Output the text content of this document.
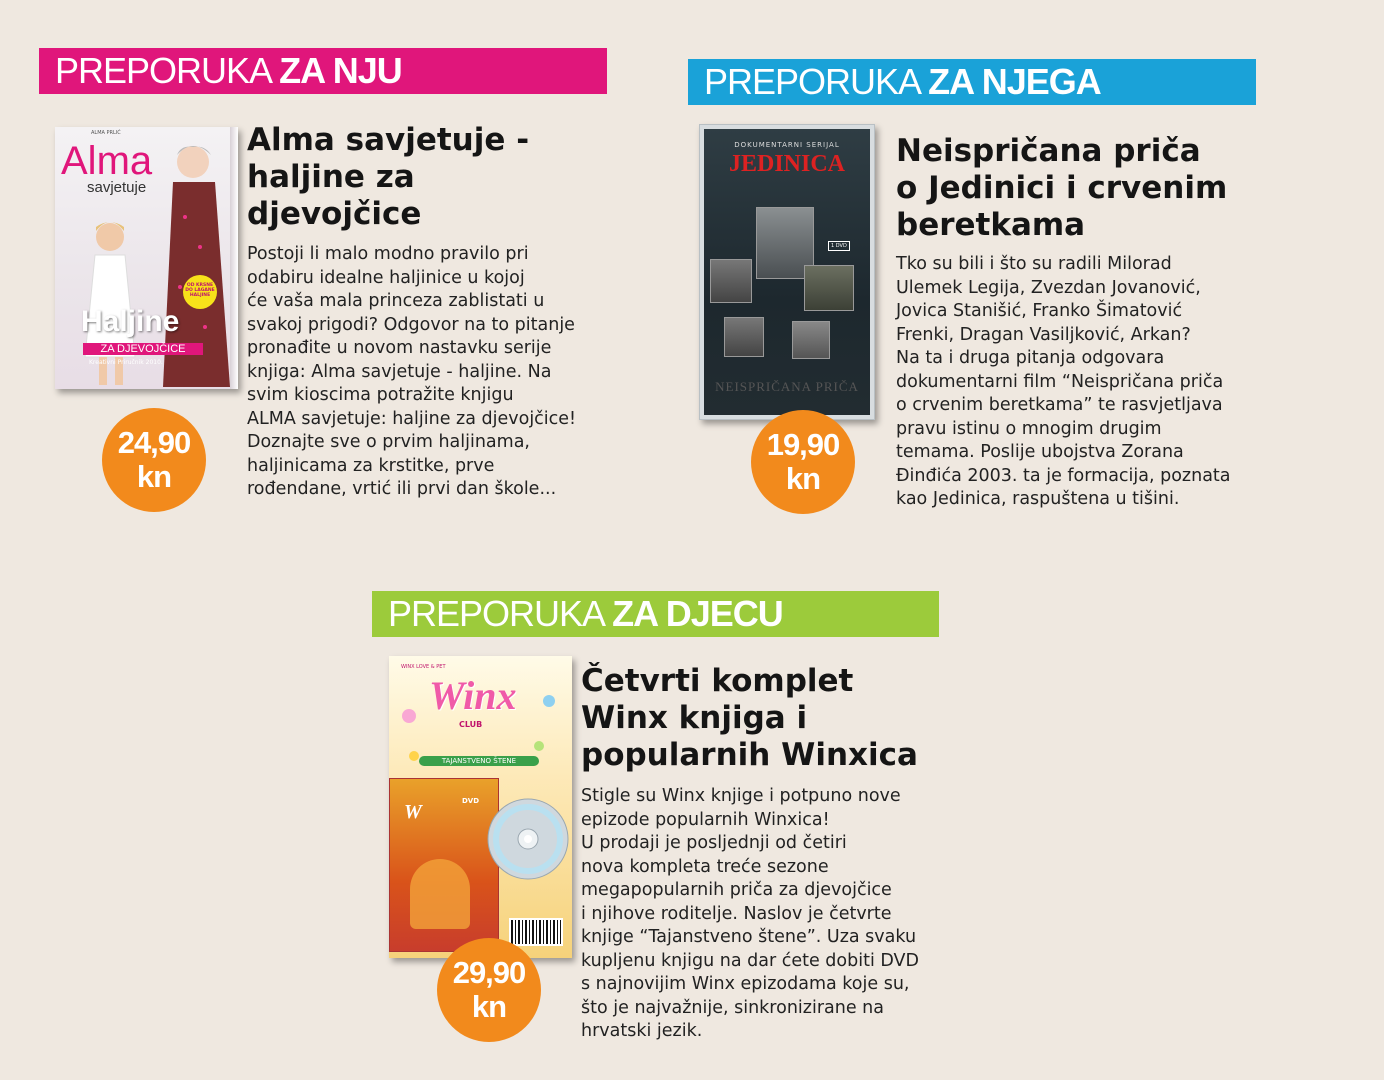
PREPORUKA ZA NJU
ALMA PRLIĆ
Alma
savjetuje
OD KRSNE DO LAGANE HALJINE
Haljine
ZA DJEVOJČICE
Kreativni Priručnik 2010.
Alma savjetuje -
haljine za
djevojčice

Postoji li malo modno pravilo pri
odabiru idealne haljinice u kojoj
će vaša mala princeza zablistati u
svakoj prigodi? Odgovor na to pitanje
pronađite u novom nastavku serije
knjiga: Alma savjetuje - haljine. Na
svim kioscima potražite knjigu
ALMA savjetuje: haljine za djevojčice!
Doznajte sve o prvim haljinama,
haljinicama za krstitke, prve
rođendane, vrtić ili prvi dan škole...

24,90
kn
PREPORUKA ZA NJEGA
DOKUMENTARNI SERIJAL
JEDINICA
1 DVD
NEISPRIČANA PRIČA
Neispričana priča
o Jedinici i crvenim
beretkama

Tko su bili i što su radili Milorad
Ulemek Legija, Zvezdan Jovanović,
Jovica Stanišić, Franko Šimatović
Frenki, Dragan Vasiljković, Arkan?
Na ta i druga pitanja odgovara
dokumentarni film “Neispričana priča
o crvenim beretkama” te rasvjetljava
pravu istinu o mnogim drugim
temama. Poslije ubojstva Zorana
Đinđića 2003. ta je formacija, poznata
kao Jedinica, raspuštena u tišini.

19,90
kn
PREPORUKA ZA DJECU
WINX LOVE & PET
Winx
CLUB
TAJANSTVENO ŠTENE
DVD
W
Četvrti komplet
Winx knjiga i
popularnih Winxica

Stigle su Winx knjige i potpuno nove
epizode popularnih Winxica!
U prodaji je posljednji od četiri
nova kompleta treće sezone
megapopularnih priča za djevojčice
i njihove roditelje. Naslov je četvrte
knjige “Tajanstveno štene”. Uza svaku
kupljenu knjigu na dar ćete dobiti DVD
s najnovijim Winx epizodama koje su,
što je najvažnije, sinkronizirane na
hrvatski jezik.

29,90
kn
